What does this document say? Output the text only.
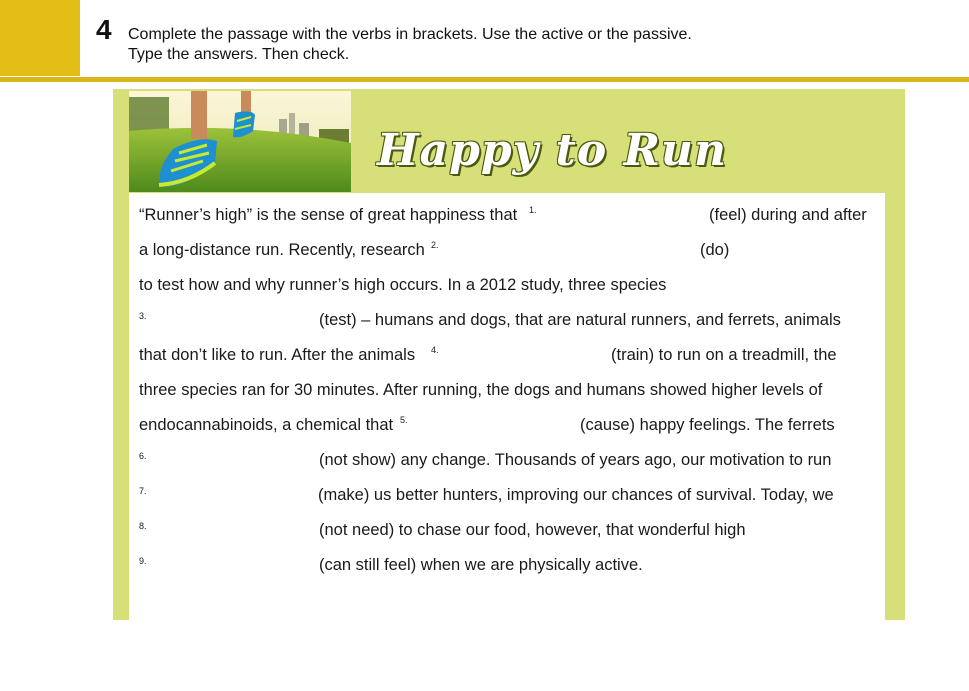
4 Complete the passage with the verbs in brackets. Use the active or the passive.
Type the answers. Then check.
Happy to Run
“Runner’s high” is the sense of great happiness that 1.	(feel) during and after
a long-distance run. Recently, research 2.	(do)
to test how and why runner’s high occurs. In a 2012 study, three species
3.	(test) – humans and dogs, that are natural runners, and ferrets, animals
that don’t like to run. After the animals 4.	(train) to run on a treadmill, the
three species ran for 30 minutes. After running, the dogs and humans showed higher levels of
endocannabinoids, a chemical that 5.	(cause) happy feelings. The ferrets
6.	(not show) any change. Thousands of years ago, our motivation to run
7.	(make) us better hunters, improving our chances of survival. Today, we
8.	(not need) to chase our food, however, that wonderful high
9.	(can still feel) when we are physically active.
